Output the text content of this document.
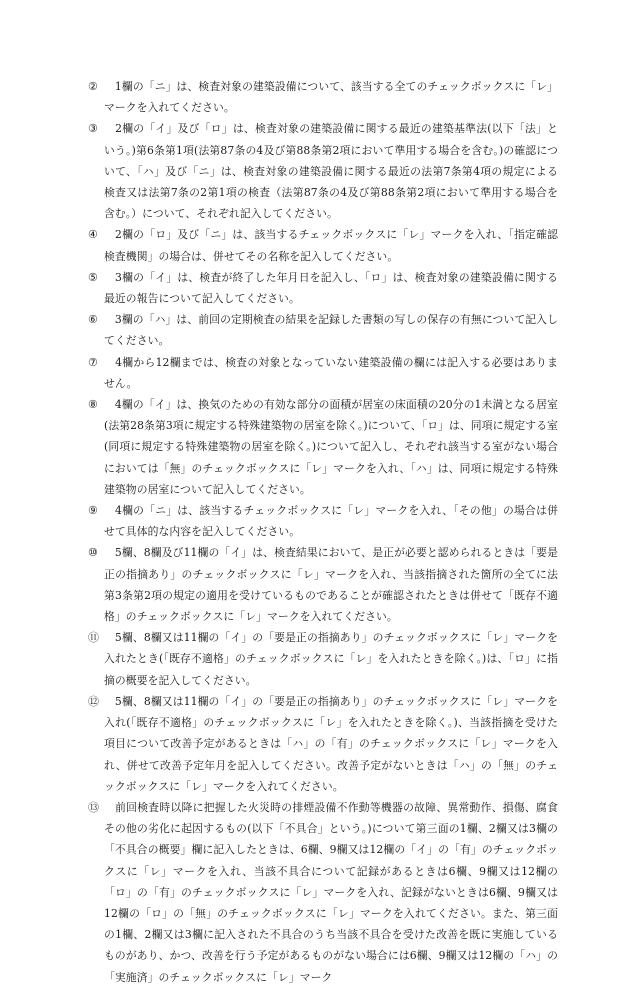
② 　1欄の「ニ」は、検査対象の建築設備について、該当する全てのチェックボックスに「レ」マークを入れてください。
③ 　2欄の「イ」及び「ロ」は、検査対象の建築設備に関する最近の建築基準法(以下「法」という。)第6条第1項(法第87条の4及び第88条第2項において準用する場合を含む。)の確認について、「ハ」及び「ニ」は、検査対象の建築設備に関する最近の法第7条第4項の規定による検査又は法第7条の2第1項の検査（法第87条の4及び第88条第2項において準用する場合を含む。）について、それぞれ記入してください。
④ 　2欄の「ロ」及び「ニ」は、該当するチェックボックスに「レ」マークを入れ、「指定確認検査機関」の場合は、併せてその名称を記入してください。
⑤ 　3欄の「イ」は、検査が終了した年月日を記入し、「ロ」は、検査対象の建築設備に関する最近の報告について記入してください。
⑥ 　3欄の「ハ」は、前回の定期検査の結果を記録した書類の写しの保存の有無について記入してください。
⑦ 　4欄から12欄までは、検査の対象となっていない建築設備の欄には記入する必要はありません。
⑧ 　4欄の「イ」は、換気のための有効な部分の面積が居室の床面積の20分の1未満となる居室(法第28条第3項に規定する特殊建築物の居室を除く。)について、「ロ」は、同項に規定する室(同項に規定する特殊建築物の居室を除く。)について記入し、それぞれ該当する室がない場合においては「無」のチェックボックスに「レ」マークを入れ、「ハ」は、同項に規定する特殊建築物の居室について記入してください。
⑨ 　4欄の「ニ」は、該当するチェックボックスに「レ」マークを入れ、「その他」の場合は併せて具体的な内容を記入してください。
⑩ 　5欄、8欄及び11欄の「イ」は、検査結果において、是正が必要と認められるときは「要是正の指摘あり」のチェックボックスに「レ」マークを入れ、当該指摘された箇所の全てに法第3条第2項の規定の適用を受けているものであることが確認されたときは併せて「既存不適格」のチェックボックスに「レ」マークを入れてください。
⑪ 　5欄、8欄又は11欄の「イ」の「要是正の指摘あり」のチェックボックスに「レ」マークを入れたとき(「既存不適格」のチェックボックスに「レ」を入れたときを除く。)は、「ロ」に指摘の概要を記入してください。
⑫ 　5欄、8欄又は11欄の「イ」の「要是正の指摘あり」のチェックボックスに「レ」マークを入れ(「既存不適格」のチェックボックスに「レ」を入れたときを除く。)、当該指摘を受けた項目について改善予定があるときは「ハ」の「有」のチェックボックスに「レ」マークを入れ、併せて改善予定年月を記入してください。改善予定がないときは「ハ」の「無」のチェックボックスに「レ」マークを入れてください。
⑬ 　前回検査時以降に把握した火災時の排煙設備不作動等機器の故障、異常動作、損傷、腐食その他の劣化に起因するもの(以下「不具合」という。)について第三面の1欄、2欄又は3欄の「不具合の概要」欄に記入したときは、6欄、9欄又は12欄の「イ」の「有」のチェックボックスに「レ」マークを入れ、当該不具合について記録があるときは6欄、9欄又は12欄の「ロ」の「有」のチェックボックスに「レ」マークを入れ、記録がないときは6欄、9欄又は12欄の「ロ」の「無」のチェックボックスに「レ」マークを入れてください。また、第三面の1欄、2欄又は3欄に記入された不具合のうち当該不具合を受けた改善を既に実施しているものがあり、かつ、改善を行う予定があるものがない場合には6欄、9欄又は12欄の「ハ」の「実施済」のチェックボックスに「レ」マーク
